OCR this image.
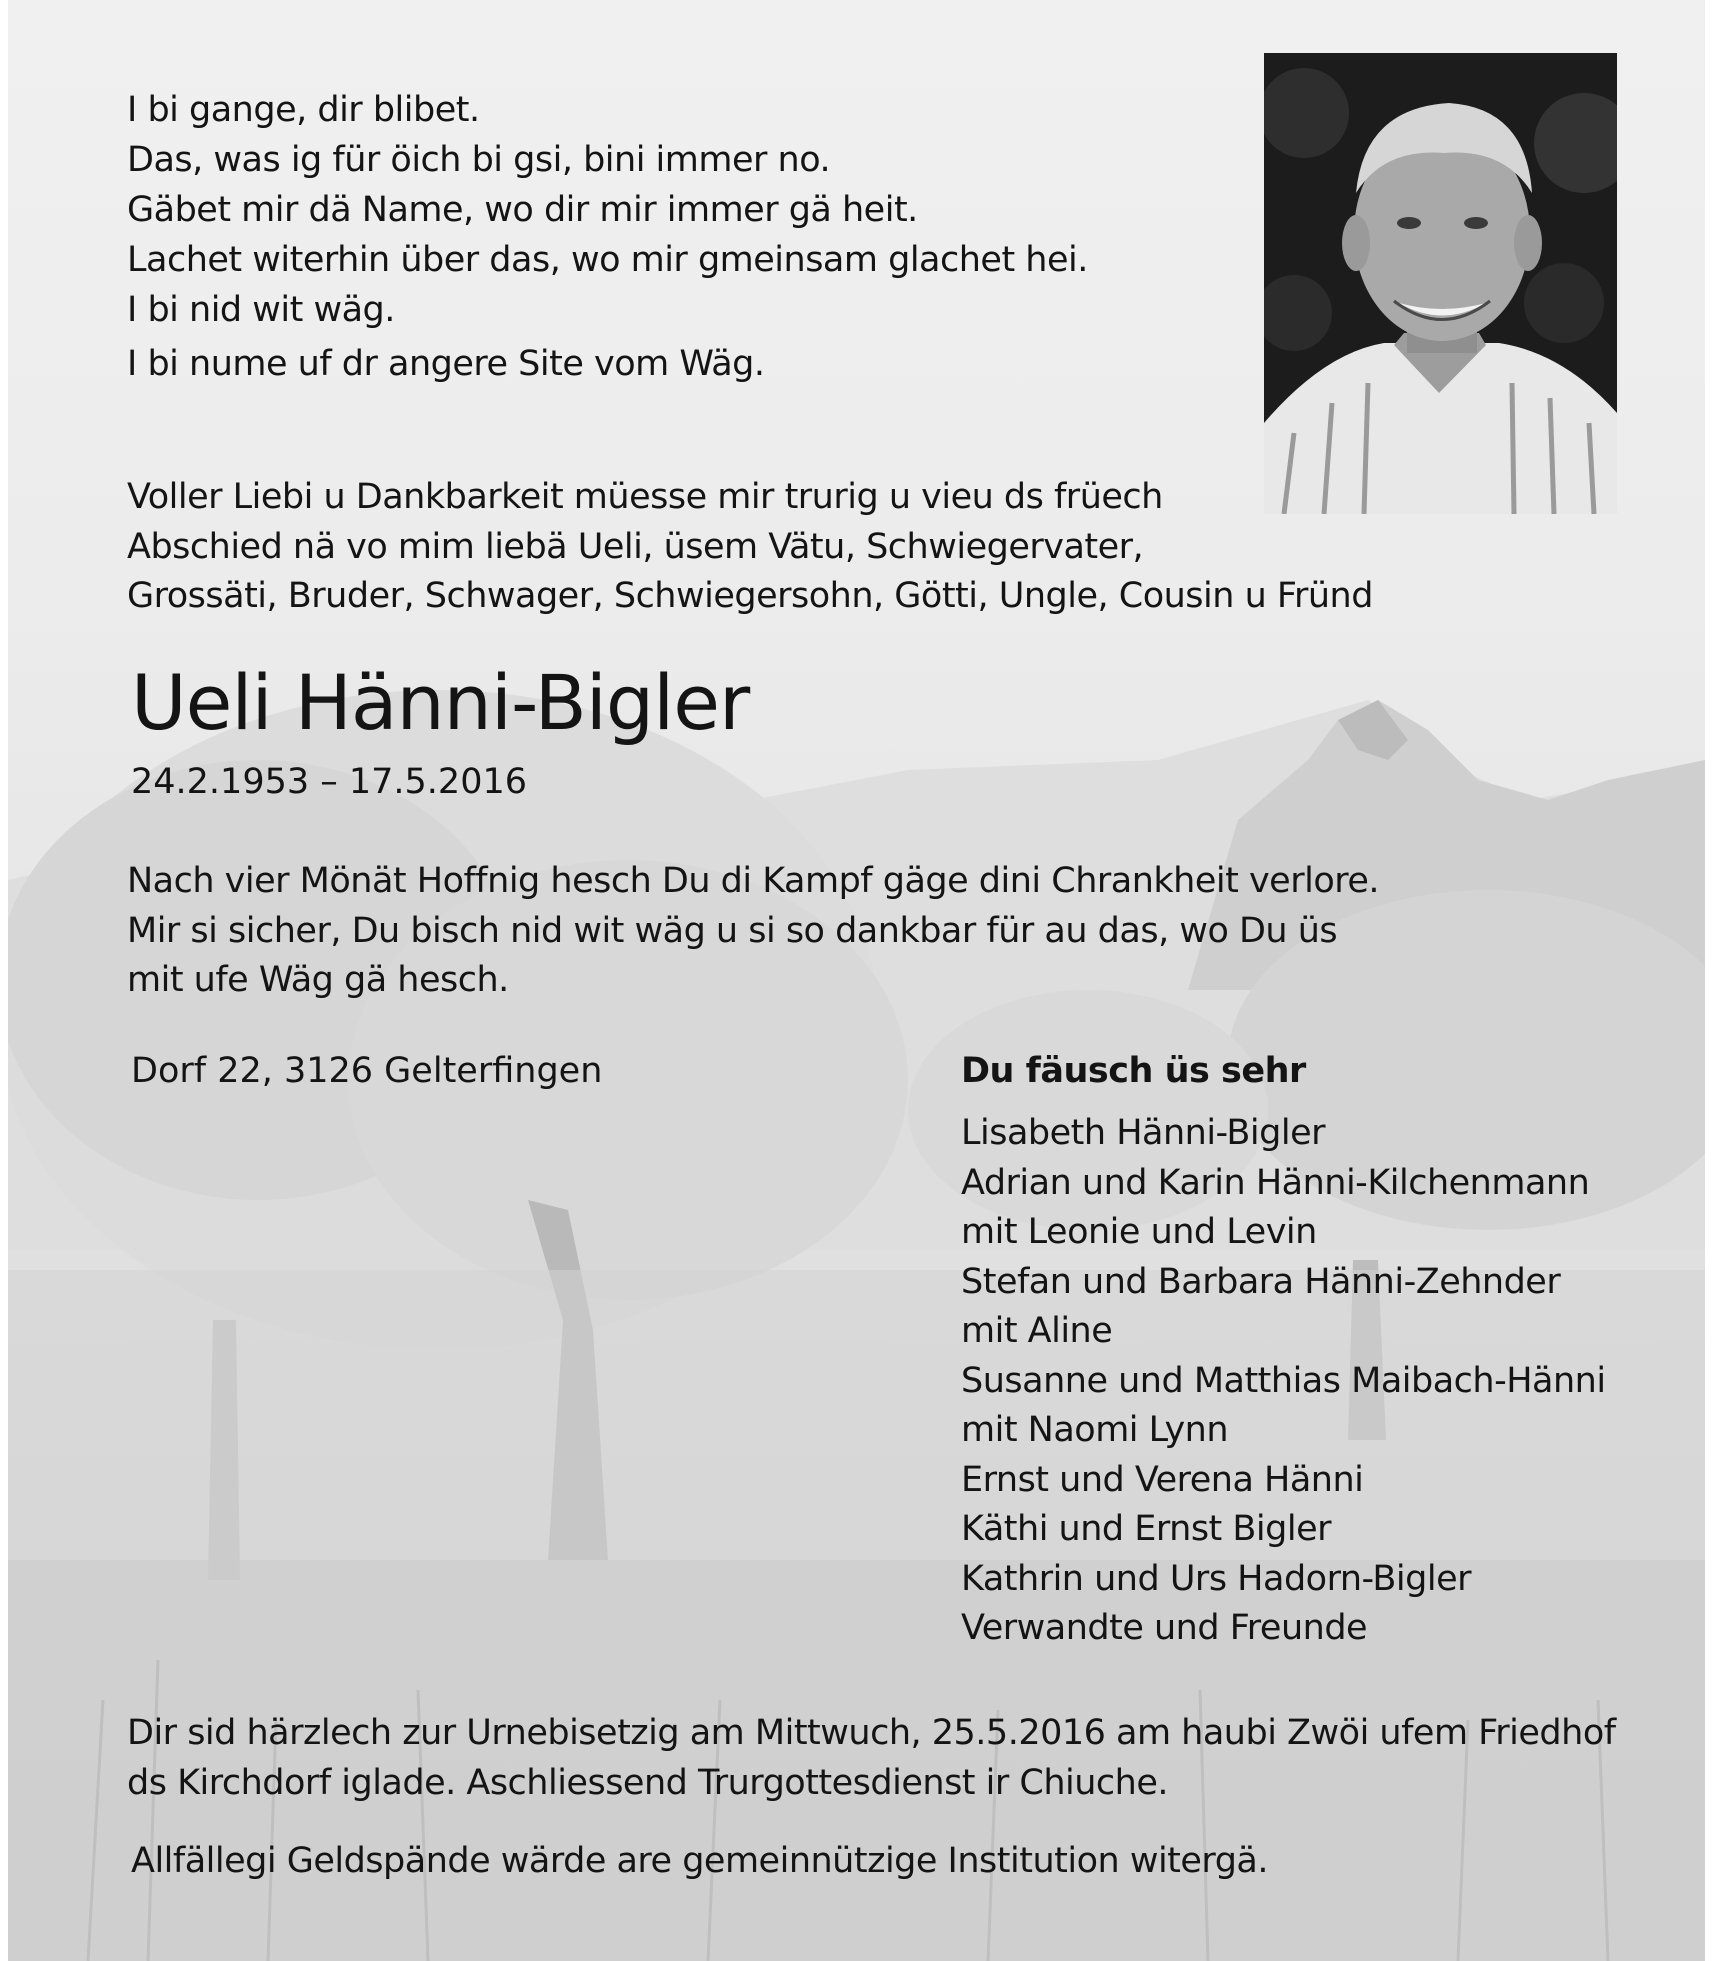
I bi gange, dir blibet.
Das, was ig für öich bi gsi, bini immer no.
Gäbet mir dä Name, wo dir mir immer gä heit.
Lachet witerhin über das, wo mir gmeinsam glachet hei.
I bi nid wit wäg.
I bi nume uf dr angere Site vom Wäg.
Voller Liebi u Dankbarkeit müesse mir trurig u vieu ds früech
Abschied nä vo mim liebä Ueli, üsem Vätu, Schwiegervater,
Grossäti, Bruder, Schwager, Schwiegersohn, Götti, Ungle, Cousin u Fründ
Ueli Hänni-Bigler
24.2.1953 – 17.5.2016
Nach vier Mönät Hoffnig hesch Du di Kampf gäge dini Chrankheit verlore.
Mir si sicher, Du bisch nid wit wäg u si so dankbar für au das, wo Du üs
mit ufe Wäg gä hesch.
Dorf 22, 3126 Gelterfingen	Du fäusch üs sehr
Lisabeth Hänni-Bigler
Adrian und Karin Hänni-Kilchenmann
mit Leonie und Levin
Stefan und Barbara Hänni-Zehnder
mit Aline
Susanne und Matthias Maibach-Hänni
mit Naomi Lynn
Ernst und Verena Hänni
Käthi und Ernst Bigler
Kathrin und Urs Hadorn-Bigler
Verwandte und Freunde
Dir sid härzlech zur Urnebisetzig am Mittwuch, 25.5.2016 am haubi Zwöi ufem Friedhof
ds Kirchdorf iglade. Aschliessend Trurgottesdienst ir Chiuche.
Allfällegi Geldspände wärde are gemeinnützige Institution witergä.
